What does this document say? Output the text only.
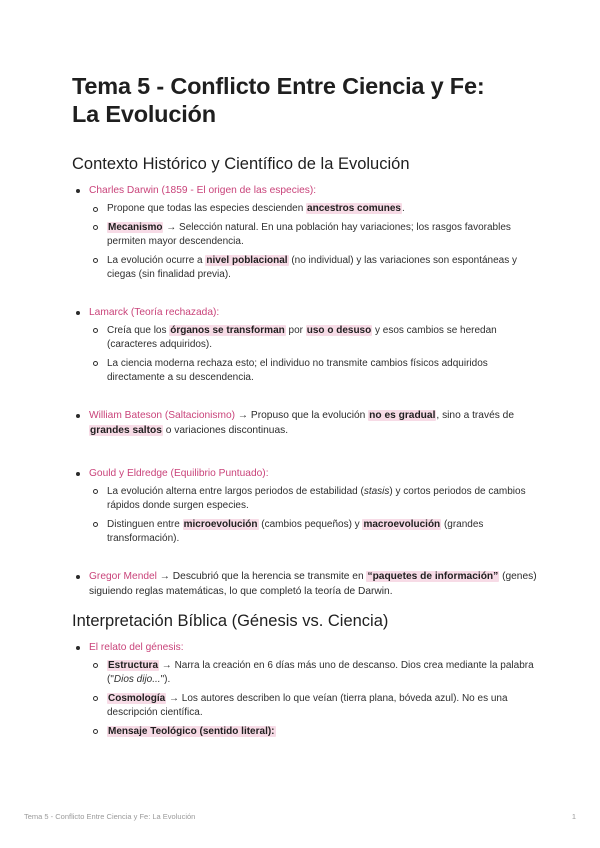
Tema 5 - Conflicto Entre Ciencia y Fe:
La Evolución
Contexto Histórico y Científico de la Evolución
Charles Darwin (1859 - El origen de las especies):
Propone que todas las especies descienden ancestros comunes.
Mecanismo → Selección natural. En una población hay variaciones; los rasgos favorables permiten mayor descendencia.
La evolución ocurre a nivel poblacional (no individual) y las variaciones son espontáneas y ciegas (sin finalidad previa).
Lamarck (Teoría rechazada):
Creía que los órganos se transforman por uso o desuso y esos cambios se heredan (caracteres adquiridos).
La ciencia moderna rechaza esto; el individuo no transmite cambios físicos adquiridos directamente a su descendencia.
William Bateson (Saltacionismo) → Propuso que la evolución no es gradual, sino a través de grandes saltos o variaciones discontinuas.
Gould y Eldredge (Equilibrio Puntuado):
La evolución alterna entre largos periodos de estabilidad (stasis) y cortos periodos de cambios rápidos donde surgen especies.
Distinguen entre microevolución (cambios pequeños) y macroevolución (grandes transformación).
Gregor Mendel → Descubrió que la herencia se transmite en “paquetes de información” (genes) siguiendo reglas matemáticas, lo que completó la teoría de Darwin.
Interpretación Bíblica (Génesis vs. Ciencia)
El relato del génesis:
Estructura → Narra la creación en 6 días más uno de descanso. Dios crea mediante la palabra ("Dios dijo...").
Cosmología → Los autores describen lo que veían (tierra plana, bóveda azul). No es una descripción científica.
Mensaje Teológico (sentido literal):
Tema 5 - Conflicto Entre Ciencia y Fe: La Evolución	1
